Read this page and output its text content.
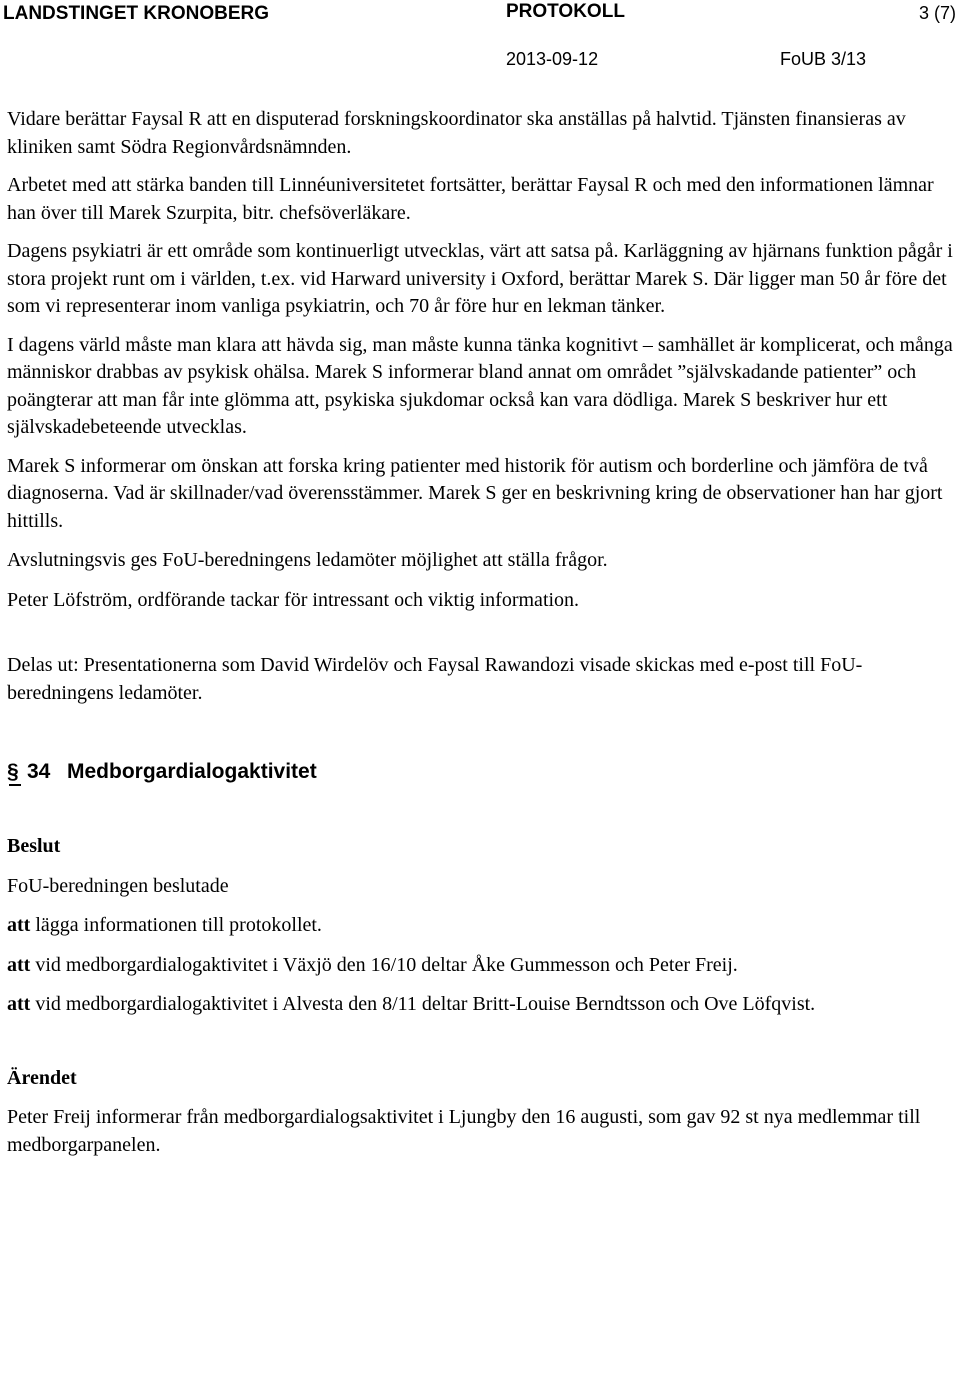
LANDSTINGET KRONOBERG	PROTOKOLL	3 (7)
2013-09-12	FoUB 3/13

Vidare berättar Faysal R att en disputerad forskningskoordinator ska anställas på halvtid. Tjänsten finansieras av kliniken samt Södra Regionvårdsnämnden.

Arbetet med att stärka banden till Linnéuniversitetet fortsätter, berättar Faysal R och med den informationen lämnar han över till Marek Szurpita, bitr. chefsöverläkare.

Dagens psykiatri är ett område som kontinuerligt utvecklas, värt att satsa på. Karläggning av hjärnans funktion pågår i stora projekt runt om i världen, t.ex. vid Harward university i Oxford, berättar Marek S. Där ligger man 50 år före det som vi representerar inom vanliga psykiatrin, och 70 år före hur en lekman tänker.

I dagens värld måste man klara att hävda sig, man måste kunna tänka kognitivt – samhället är komplicerat, och många människor drabbas av psykisk ohälsa. Marek S informerar bland annat om området ”självskadande patienter” och poängterar att man får inte glömma att, psykiska sjukdomar också kan vara dödliga. Marek S beskriver hur ett självskadebeteende utvecklas.

Marek S informerar om önskan att forska kring patienter med historik för autism och borderline och jämföra de två diagnoserna. Vad är skillnader/vad överensstämmer. Marek S ger en beskrivning kring de observationer han har gjort hittills.

Avslutningsvis ges FoU-beredningens ledamöter möjlighet att ställa frågor.

Peter Löfström, ordförande tackar för intressant och viktig information.

Delas ut: Presentationerna som David Wirdelöv och Faysal Rawandozi visade skickas med e-post till FoU-beredningens ledamöter.

§ 34 Medborgardialogaktivitet

Beslut

FoU-beredningen beslutade

att lägga informationen till protokollet.

att vid medborgardialogaktivitet i Växjö den 16/10 deltar Åke Gummesson och Peter Freij.

att vid medborgardialogaktivitet i Alvesta den 8/11 deltar Britt-Louise Berndtsson och Ove Löfqvist.

Ärendet

Peter Freij informerar från medborgardialogsaktivitet i Ljungby den 16 augusti, som gav 92 st nya medlemmar till medborgarpanelen.
